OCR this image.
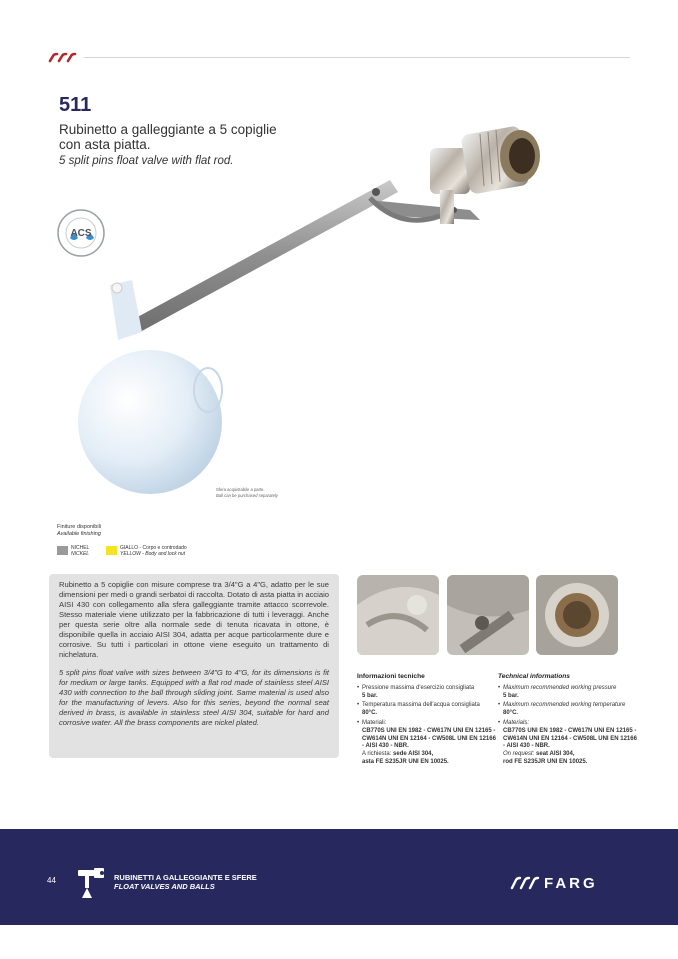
511
Rubinetto a galleggiante a 5 copiglie con asta piatta.
5 split pins float valve with flat rod.
ACS
Sfera acquistabile a parte.
Ball can be purchased separately
Finiture disponibili
Available finishing
NICHEL
NICKEL
GIALLO - Corpo e controdado
YELLOW - Body and lock nut

Rubinetto a 5 copiglie con misure comprese tra 3/4"G a 4"G, adatto per le sue dimensioni per medi o grandi serbatoi di raccolta. Dotato di asta piatta in acciaio AISI 430 con collegamento alla sfera galleggiante tramite attacco scorrevole. Stesso materiale viene utilizzato per la fabbricazione di tutti i leveraggi. Anche per questa serie oltre alla normale sede di tenuta ricavata in ottone, è disponibile quella in acciaio AISI 304, adatta per acque particolarmente dure e corrosive. Su tutti i particolari in ottone viene eseguito un trattamento di nichelatura.

5 split pins float valve with sizes between 3/4"G to 4"G, for its dimensions is fit for medium or large tanks. Equipped with a flat rod made of stainless steel AISI 430 with connection to the ball through sliding joint. Same material is used also for the manufacturing of levers. Also for this series, beyond the normal seat derived in brass, is available in stainless steel AISI 304, suitable for hard and corrosive water. All the brass components are nickel plated.

Informazioni tecniche
• Pressione massima d'esercizio consigliata
5 bar.
• Temperatura massima dell'acqua consigliata
80°C.
• Materiali:
CB770S UNI EN 1982 - CW617N UNI EN 12165 - CW614N UNI EN 12164 - CW508L UNI EN 12166 - AISI 430 - NBR.
A richiesta: sede AISI 304,
asta FE S235JR UNI EN 10025.
Technical informations
• Maximum recommended working pressure
5 bar.
• Maximum recommended working temperature
80°C.
• Materials:
CB770S UNI EN 1982 - CW617N UNI EN 12165 - CW614N UNI EN 12164 - CW508L UNI EN 12166 - AISI 430 - NBR.
On request: seat AISI 304,
rod FE S235JR UNI EN 10025.
44	RUBINETTI A GALLEGGIANTE E SFERE
FLOAT VALVES AND BALLS	FARG
